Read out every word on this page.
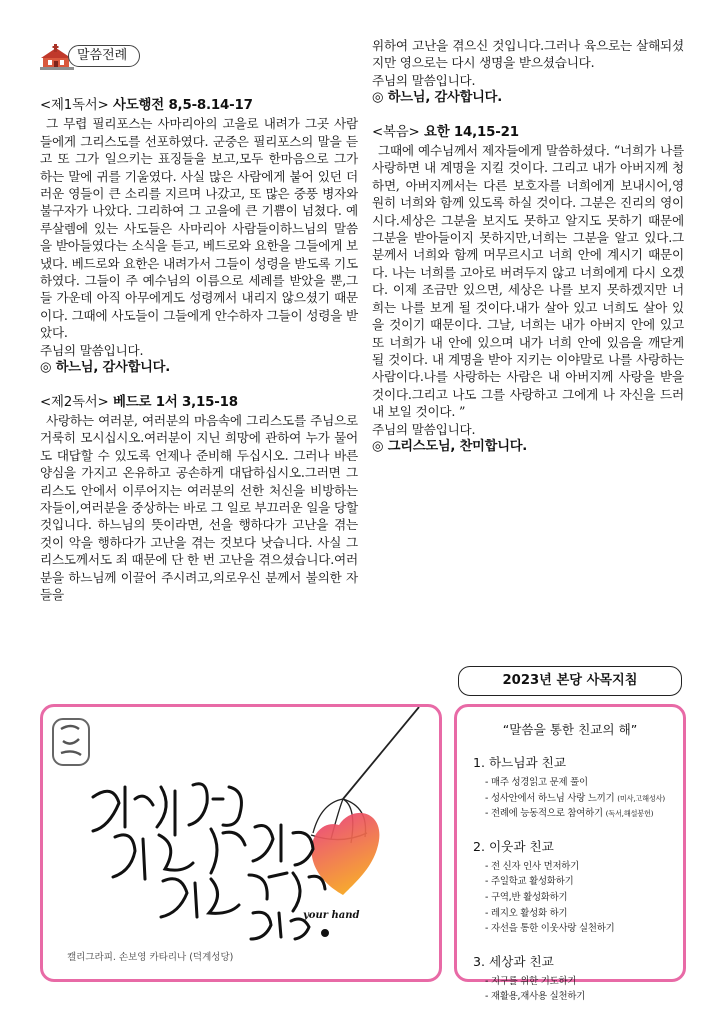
말씀전례
<제1독서> 사도행전 8,5-8.14-17

그 무렵 필리포스는 사마리아의 고을로 내려가 그곳 사람들에게 그리스도를 선포하였다. 군중은 필리포스의 말을 듣고 또 그가 일으키는 표징들을 보고,모두 한마음으로 그가 하는 말에 귀를 기울였다. 사실 많은 사람에게 붙어 있던 더러운 영들이 큰 소리를 지르며 나갔고, 또 많은 중풍 병자와 불구자가 나았다. 그리하여 그 고을에 큰 기쁨이 넘쳤다. 예루살렘에 있는 사도들은 사마리아 사람들이하느님의 말씀을 받아들였다는 소식을 듣고, 베드로와 요한을 그들에게 보냈다. 베드로와 요한은 내려가서 그들이 성령을 받도록 기도하였다. 그들이 주 예수님의 이름으로 세례를 받았을 뿐,그들 가운데 아직 아무에게도 성령께서 내리지 않으셨기 때문이다. 그때에 사도들이 그들에게 안수하자 그들이 성령을 받았다.

주님의 말씀입니다.

◎ 하느님, 감사합니다.

<제2독서> 베드로 1서 3,15-18

사랑하는 여러분, 여러분의 마음속에 그리스도를 주님으로 거룩히 모시십시오.여러분이 지닌 희망에 관하여 누가 물어도 대답할 수 있도록 언제나 준비해 두십시오. 그러나 바른 양심을 가지고 온유하고 공손하게 대답하십시오.그러면 그리스도 안에서 이루어지는 여러분의 선한 처신을 비방하는 자들이,여러분을 중상하는 바로 그 일로 부끄러운 일을 당할 것입니다. 하느님의 뜻이라면, 선을 행하다가 고난을 겪는 것이 악을 행하다가 고난을 겪는 것보다 낫습니다. 사실 그리스도께서도 죄 때문에 단 한 번 고난을 겪으셨습니다.여러분을 하느님께 이끌어 주시려고,의로우신 분께서 불의한 자들을

위하여 고난을 겪으신 것입니다.그러나 육으로는 살해되셨지만 영으로는 다시 생명을 받으셨습니다.

주님의 말씀입니다.

◎ 하느님, 감사합니다.

<복음> 요한 14,15-21

그때에 예수님께서 제자들에게 말씀하셨다. “너희가 나를 사랑하면 내 계명을 지킬 것이다. 그리고 내가 아버지께 청하면, 아버지께서는 다른 보호자를 너희에게 보내시어,영원히 너희와 함께 있도록 하실 것이다. 그분은 진리의 영이시다.세상은 그분을 보지도 못하고 알지도 못하기 때문에 그분을 받아들이지 못하지만,너희는 그분을 알고 있다.그분께서 너희와 함께 머무르시고 너희 안에 계시기 때문이다. 나는 너희를 고아로 버려두지 않고 너희에게 다시 오겠다. 이제 조금만 있으면, 세상은 나를 보지 못하겠지만 너희는 나를 보게 될 것이다.내가 살아 있고 너희도 살아 있을 것이기 때문이다. 그날, 너희는 내가 아버지 안에 있고 또 너희가 내 안에 있으며 내가 너희 안에 있음을 깨닫게 될 것이다. 내 계명을 받아 지키는 이야말로 나를 사랑하는 사람이다.나를 사랑하는 사람은 내 아버지께 사랑을 받을 것이다.그리고 나도 그를 사랑하고 그에게 나 자신을 드러내 보일 것이다. ”

주님의 말씀입니다.

◎ 그리스도님, 찬미합니다.

your hand
캘리그라피. 손보영 카타리나 (덕계성당)
2023년 본당 사목지침
“말씀을 통한 친교의 해”
1. 하느님과 친교
- 매주 성경읽고 문제 풀이
- 성사안에서 하느님 사랑 느끼기 (미사,고해성사)
- 전례에 능동적으로 참여하기 (독서,해설봉헌)
2. 이웃과 친교
- 전 신자 인사 먼저하기
- 주일학교 활성화하기
- 구역,반 활성화하기
- 레지오 활성화 하기
- 자선을 통한 이웃사랑 실천하기
3. 세상과 친교
- 지구를 위한 기도하기
- 재활용,재사용 실천하기
